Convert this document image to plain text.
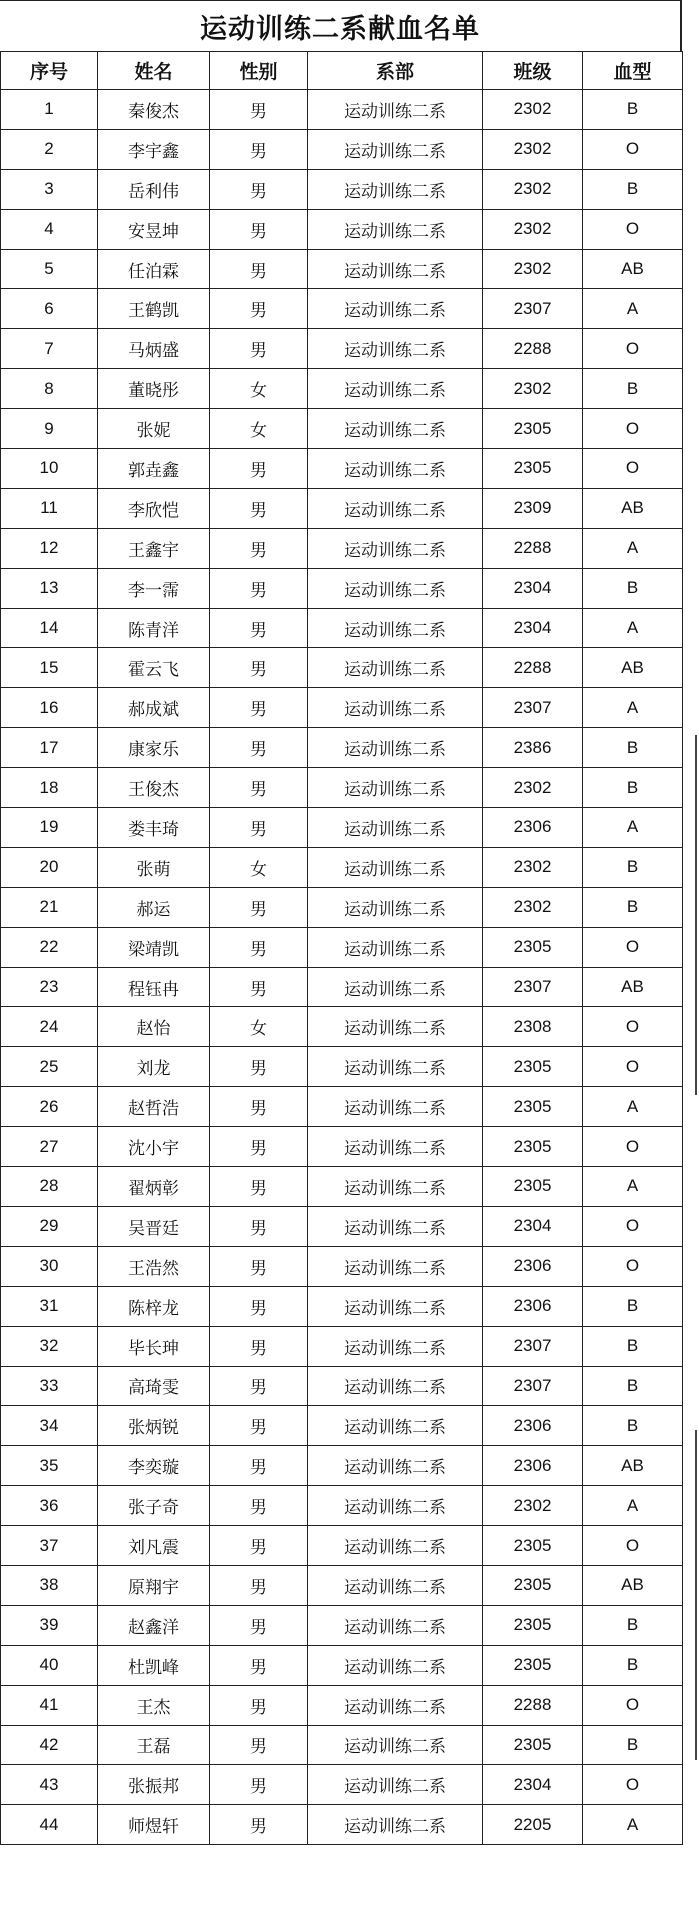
运动训练二系献血名单
序号	姓名	性别	系部	班级	血型
1	秦俊杰	男	运动训练二系	2302	B
2	李宇鑫	男	运动训练二系	2302	O
3	岳利伟	男	运动训练二系	2302	B
4	安昱坤	男	运动训练二系	2302	O
5	任泊霖	男	运动训练二系	2302	AB
6	王鹤凯	男	运动训练二系	2307	A
7	马炳盛	男	运动训练二系	2288	O
8	董晓彤	女	运动训练二系	2302	B
9	张妮	女	运动训练二系	2305	O
10	郭垚鑫	男	运动训练二系	2305	O
11	李欣恺	男	运动训练二系	2309	AB
12	王鑫宇	男	运动训练二系	2288	A
13	李一霈	男	运动训练二系	2304	B
14	陈青洋	男	运动训练二系	2304	A
15	霍云飞	男	运动训练二系	2288	AB
16	郝成斌	男	运动训练二系	2307	A
17	康家乐	男	运动训练二系	2386	B
18	王俊杰	男	运动训练二系	2302	B
19	娄丰琦	男	运动训练二系	2306	A
20	张萌	女	运动训练二系	2302	B
21	郝运	男	运动训练二系	2302	B
22	梁靖凯	男	运动训练二系	2305	O
23	程钰冉	男	运动训练二系	2307	AB
24	赵怡	女	运动训练二系	2308	O
25	刘龙	男	运动训练二系	2305	O
26	赵哲浩	男	运动训练二系	2305	A
27	沈小宇	男	运动训练二系	2305	O
28	翟炳彰	男	运动训练二系	2305	A
29	吴晋廷	男	运动训练二系	2304	O
30	王浩然	男	运动训练二系	2306	O
31	陈梓龙	男	运动训练二系	2306	B
32	毕长珅	男	运动训练二系	2307	B
33	高琦雯	男	运动训练二系	2307	B
34	张炳锐	男	运动训练二系	2306	B
35	李奕璇	男	运动训练二系	2306	AB
36	张子奇	男	运动训练二系	2302	A
37	刘凡震	男	运动训练二系	2305	O
38	原翔宇	男	运动训练二系	2305	AB
39	赵鑫洋	男	运动训练二系	2305	B
40	杜凯峰	男	运动训练二系	2305	B
41	王杰	男	运动训练二系	2288	O
42	王磊	男	运动训练二系	2305	B
43	张振邦	男	运动训练二系	2304	O
44	师煜轩	男	运动训练二系	2205	A
